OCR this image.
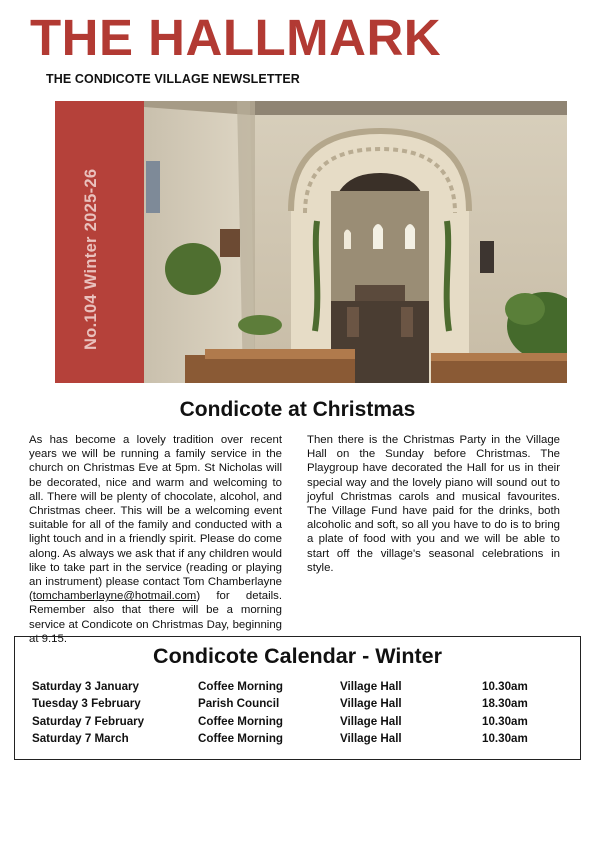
THE HALLMARK
THE CONDICOTE VILLAGE NEWSLETTER
No.104 Winter 2025-26
Condicote at Christmas

As has become a lovely tradition over recent years we will be running a family service in the church on Christmas Eve at 5pm. St Nicholas will be decorated, nice and warm and welcoming to all. There will be plenty of chocolate, alcohol, and Christmas cheer. This will be a welcoming event suitable for all of the family and conducted with a light touch and in a friendly spirit. Please do come along. As always we ask that if any children would like to take part in the service (reading or playing an instrument) please contact Tom Chamberlayne (tomchamberlayne@hotmail.com) for details. Remember also that there will be a morning service at Condicote on Christmas Day, beginning at 9.15.

Then there is the Christmas Party in the Village Hall on the Sunday before Christmas. The Playgroup have decorated the Hall for us in their special way and the lovely piano will sound out to joyful Christmas carols and musical favourites. The Village Fund have paid for the drinks, both alcoholic and soft, so all you have to do is to bring a plate of food with you and we will be able to start off the village's seasonal celebrations in style.

Condicote Calendar - Winter
Saturday 3 January	Coffee Morning	Village Hall	10.30am
Tuesday 3 February	Parish Council	Village Hall	18.30am
Saturday 7 February	Coffee Morning	Village Hall	10.30am
Saturday 7 March	Coffee Morning	Village Hall	10.30am
